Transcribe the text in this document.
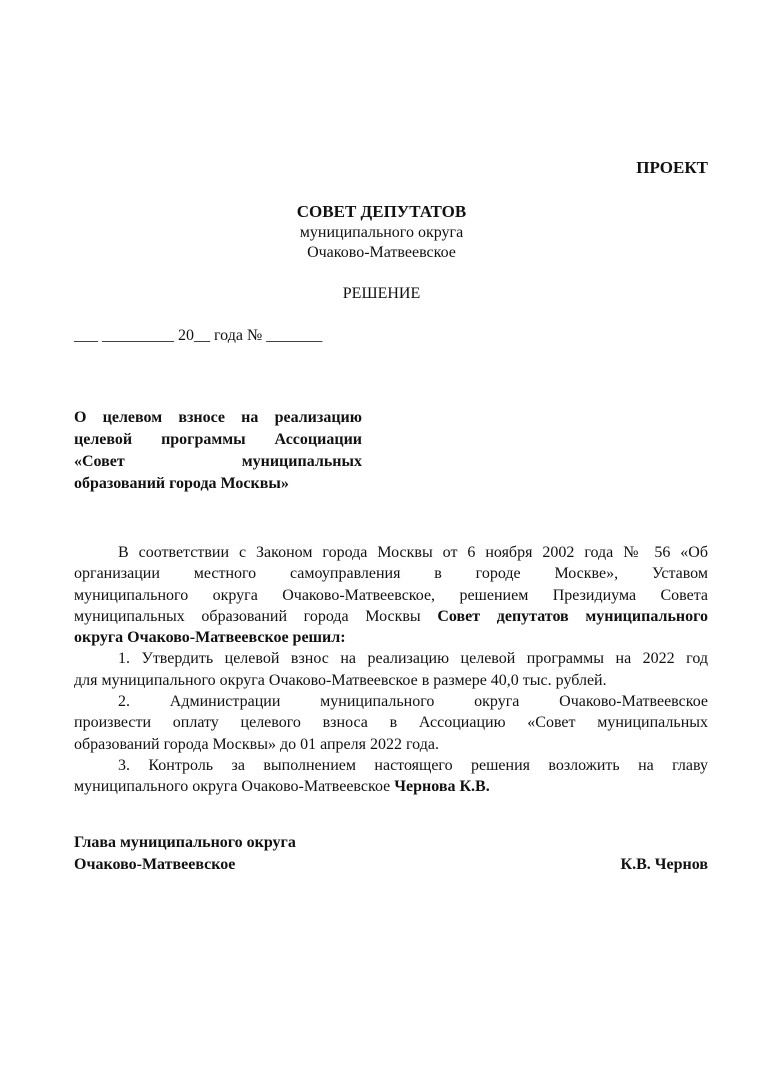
ПРОЕКТ
СОВЕТ ДЕПУТАТОВ
муниципального округа
Очаково-Матвеевское
РЕШЕНИЕ
___ _________ 20__ года № _______
О целевом взносе на реализацию
целевой программы Ассоциации
«Совет муниципальных
образований города Москвы»
В соответствии с Законом города Москвы от 6 ноября 2002 года № 56 «Об
организации местного самоуправления в городе Москве», Уставом
муниципального округа Очаково-Матвеевское, решением Президиума Совета
муниципальных образований города Москвы Совет депутатов муниципального
округа Очаково-Матвеевское решил:
1. Утвердить целевой взнос на реализацию целевой программы на 2022 год
для муниципального округа Очаково-Матвеевское в размере 40,0 тыс. рублей.
2. Администрации муниципального округа Очаково-Матвеевское
произвести оплату целевого взноса в Ассоциацию «Совет муниципальных
образований города Москвы» до 01 апреля 2022 года.
3. Контроль за выполнением настоящего решения возложить на главу
муниципального округа Очаково-Матвеевское Чернова К.В.
Глава муниципального округа
Очаково-Матвеевское	К.В. Чернов
